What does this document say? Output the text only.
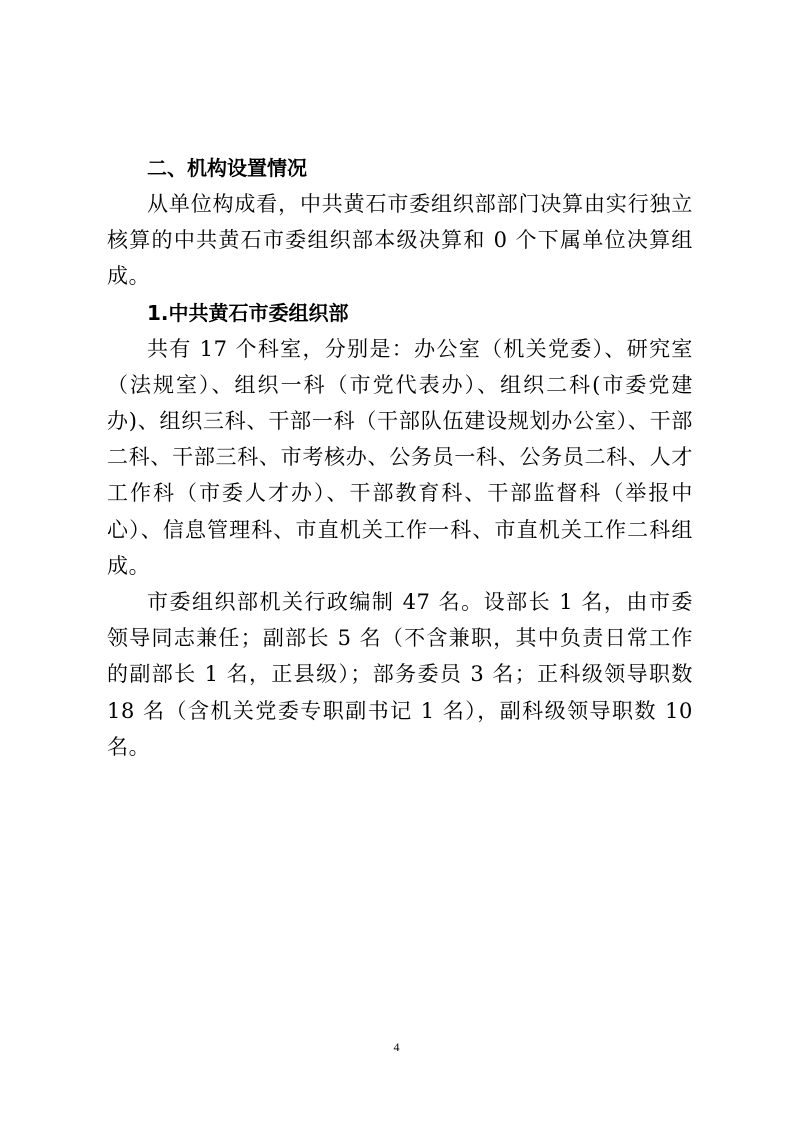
二、机构设置情况

从单位构成看，中共黄石市委组织部部门决算由实行独立核算的中共黄石市委组织部本级决算和 0 个下属单位决算组成。

1.中共黄石市委组织部

共有 17 个科室，分别是：办公室（机关党委）、研究室（法规室）、组织一科（市党代表办）、组织二科(市委党建办)、组织三科、干部一科（干部队伍建设规划办公室）、干部二科、干部三科、市考核办、公务员一科、公务员二科、人才工作科（市委人才办）、干部教育科、干部监督科（举报中心）、信息管理科、市直机关工作一科、市直机关工作二科组成。

市委组织部机关行政编制 47 名。设部长 1 名，由市委领导同志兼任；副部长 5 名（不含兼职，其中负责日常工作的副部长 1 名，正县级）；部务委员 3 名；正科级领导职数 18 名（含机关党委专职副书记 1 名），副科级领导职数 10 名。

4
